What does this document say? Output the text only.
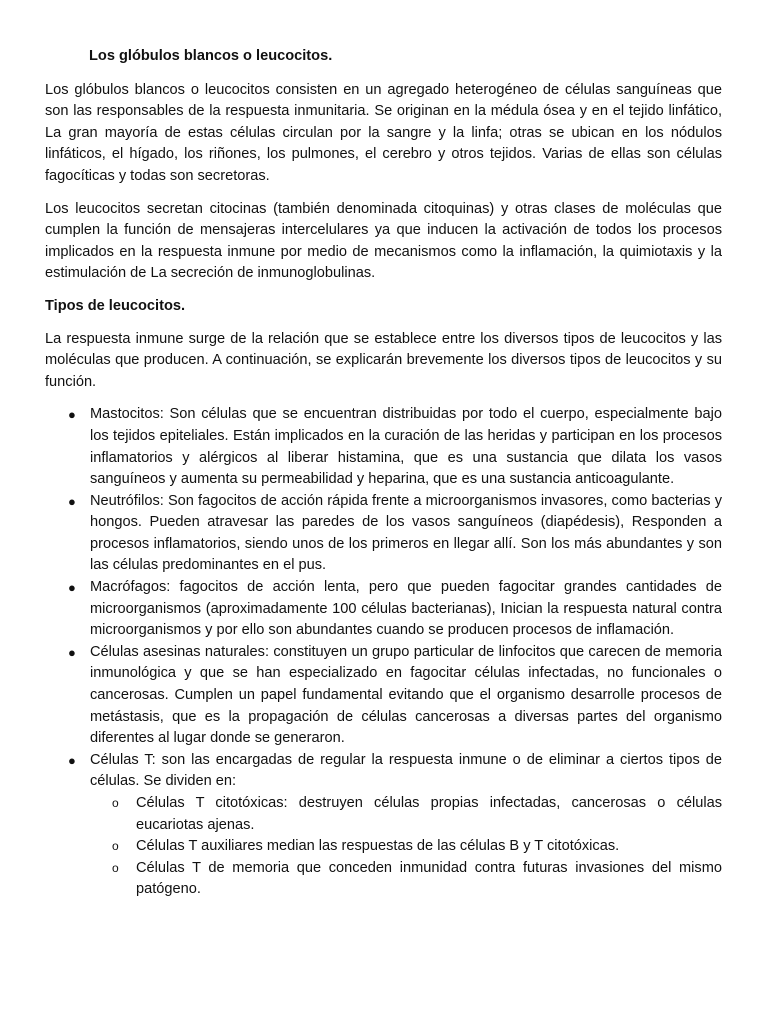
Los glóbulos blancos o leucocitos.

Los glóbulos blancos o leucocitos consisten en un agregado heterogéneo de células sanguíneas que son las responsables de la respuesta inmunitaria. Se originan en la médula ósea y en el tejido linfático, La gran mayoría de estas células circulan por la sangre y la linfa; otras se ubican en los nódulos linfáticos, el hígado, los riñones, los pulmones, el cerebro y otros tejidos. Varias de ellas son células fagocíticas y todas son secretoras.

Los leucocitos secretan citocinas (también denominada citoquinas) y otras clases de moléculas que cumplen la función de mensajeras intercelulares ya que inducen la activación de todos los procesos implicados en la respuesta inmune por medio de mecanismos como la inflamación, la quimiotaxis y la estimulación de La secreción de inmunoglobulinas.

Tipos de leucocitos.

La respuesta inmune surge de la relación que se establece entre los diversos tipos de leucocitos y las moléculas que producen. A continuación, se explicarán brevemente los diversos tipos de leucocitos y su función.

● Mastocitos: Son células que se encuentran distribuidas por todo el cuerpo, especialmente bajo los tejidos epiteliales. Están implicados en la curación de las heridas y participan en los procesos inflamatorios y alérgicos al liberar histamina, que es una sustancia que dilata los vasos sanguíneos y aumenta su permeabilidad y heparina, que es una sustancia anticoagulante.
● Neutrófilos: Son fagocitos de acción rápida frente a microorganismos invasores, como bacterias y hongos. Pueden atravesar las paredes de los vasos sanguíneos (diapédesis), Responden a procesos inflamatorios, siendo unos de los primeros en llegar allí. Son los más abundantes y son las células predominantes en el pus.
● Macrófagos: fagocitos de acción lenta, pero que pueden fagocitar grandes cantidades de microorganismos (aproximadamente 100 células bacterianas), Inician la respuesta natural contra microorganismos y por ello son abundantes cuando se producen procesos de inflamación.
● Células asesinas naturales: constituyen un grupo particular de linfocitos que carecen de memoria inmunológica y que se han especializado en fagocitar células infectadas, no funcionales o cancerosas. Cumplen un papel fundamental evitando que el organismo desarrolle procesos de metástasis, que es la propagación de células cancerosas a diversas partes del organismo diferentes al lugar donde se generaron.
● Células T: son las encargadas de regular la respuesta inmune o de eliminar a ciertos tipos de células. Se dividen en:
o Células T citotóxicas: destruyen células propias infectadas, cancerosas o células eucariotas ajenas.
o Células T auxiliares median las respuestas de las células B y T citotóxicas.
o Células T de memoria que conceden inmunidad contra futuras invasiones del mismo patógeno.
